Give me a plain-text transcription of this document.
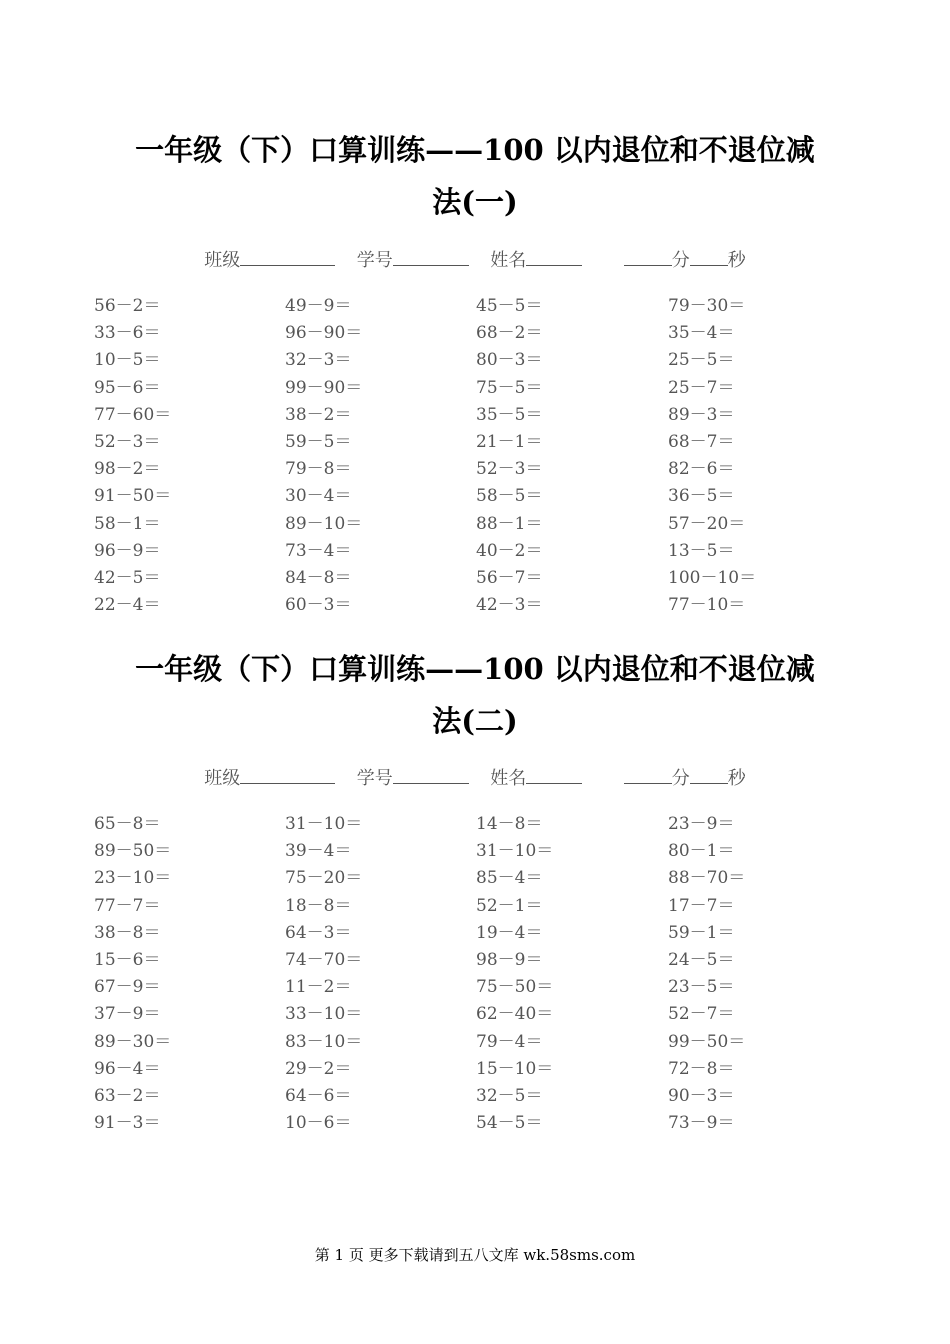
一年级（下）口算训练——100 以内退位和不退位减
法(一)
班级	学号	姓名	分 秒
56－2＝	49－9＝	45－5＝	79－30＝
33－6＝	96－90＝	68－2＝	35－4＝
10－5＝	32－3＝	80－3＝	25－5＝
95－6＝	99－90＝	75－5＝	25－7＝
77－60＝	38－2＝	35－5＝	89－3＝
52－3＝	59－5＝	21－1＝	68－7＝
98－2＝	79－8＝	52－3＝	82－6＝
91－50＝	30－4＝	58－5＝	36－5＝
58－1＝	89－10＝	88－1＝	57－20＝
96－9＝	73－4＝	40－2＝	13－5＝
42－5＝	84－8＝	56－7＝	100－10＝
22－4＝	60－3＝	42－3＝	77－10＝
一年级（下）口算训练——100 以内退位和不退位减
法(二)
班级	学号	姓名	分 秒
65－8＝	31－10＝	14－8＝	23－9＝
89－50＝	39－4＝	31－10＝	80－1＝
23－10＝	75－20＝	85－4＝	88－70＝
77－7＝	18－8＝	52－1＝	17－7＝
38－8＝	64－3＝	19－4＝	59－1＝
15－6＝	74－70＝	98－9＝	24－5＝
67－9＝	11－2＝	75－50＝	23－5＝
37－9＝	33－10＝	62－40＝	52－7＝
89－30＝	83－10＝	79－4＝	99－50＝
96－4＝	29－2＝	15－10＝	72－8＝
63－2＝	64－6＝	32－5＝	90－3＝
91－3＝	10－6＝	54－5＝	73－9＝
第 1 页 更多下载请到五八文库 wk.58sms.com
